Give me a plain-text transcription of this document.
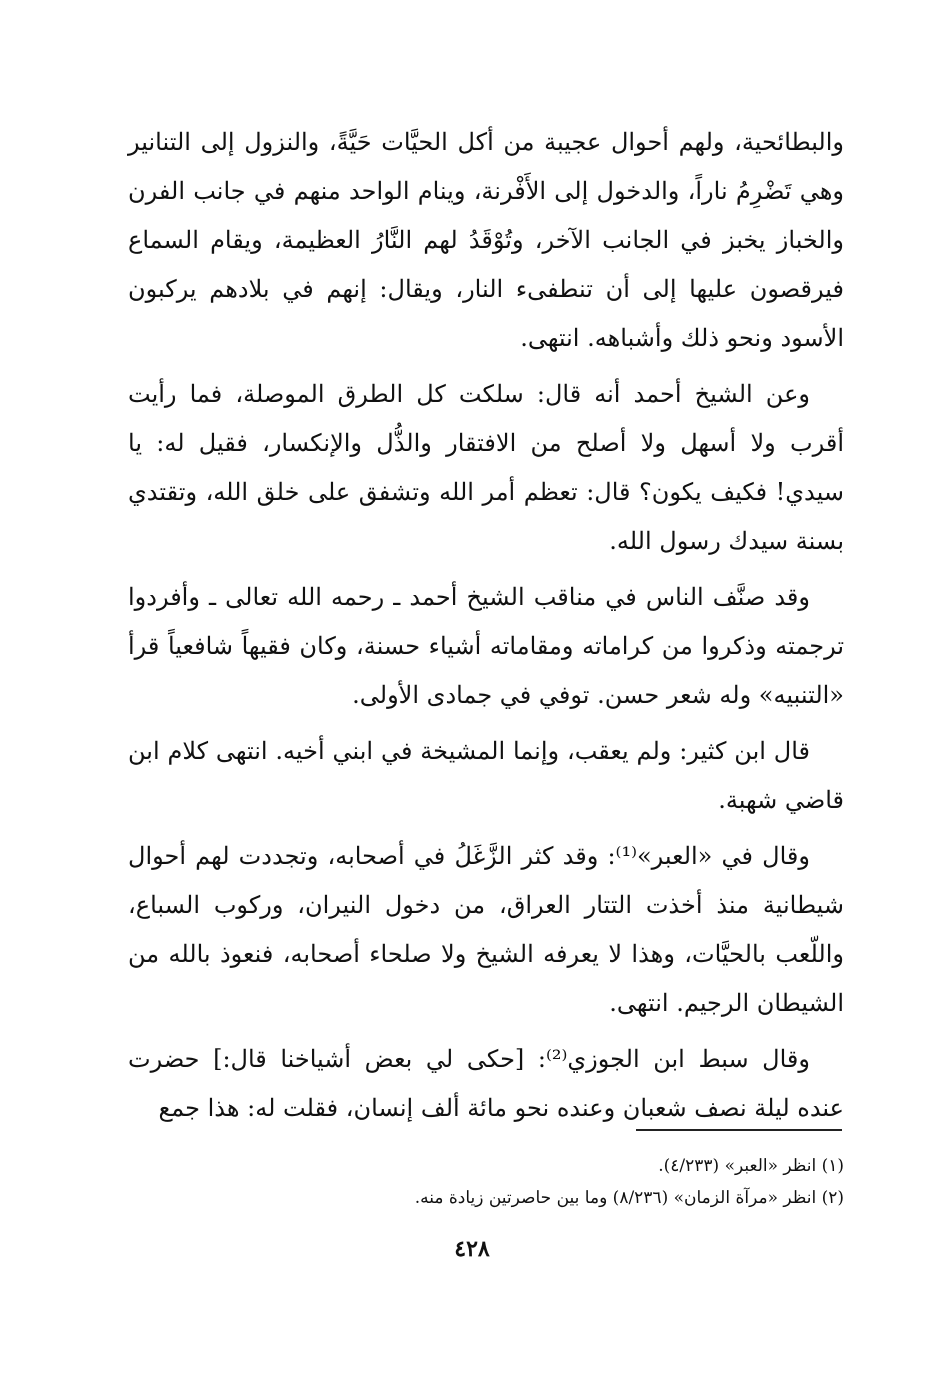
والبطائحية، ولهم أحوال عجيبة من أكل الحيَّات حَيَّةً، والنزول إلى التنانير وهي تَضْرِمُ ناراً، والدخول إلى الأَفْرنة، وينام الواحد منهم في جانب الفرن والخباز يخبز في الجانب الآخر، وتُوْقَدُ لهم النَّارُ العظيمة، ويقام السماع فيرقصون عليها إلى أن تنطفىء النار، ويقال: إنهم في بلادهم يركبون الأسود ونحو ذلك وأشباهه. انتهى.

وعن الشيخ أحمد أنه قال: سلكت كل الطرق الموصلة، فما رأيت أقرب ولا أسهل ولا أصلح من الافتقار والذُّل والإنكسار، فقيل له: يا سيدي! فكيف يكون؟ قال: تعظم أمر الله وتشفق على خلق الله، وتقتدي بسنة سيدك رسول الله.

وقد صنَّف الناس في مناقب الشيخ أحمد ـ رحمه الله تعالى ـ وأفردوا ترجمته وذكروا من كراماته ومقاماته أشياء حسنة، وكان فقيهاً شافعياً قرأ «التنبيه» وله شعر حسن. توفي في جمادى الأولى.

قال ابن كثير: ولم يعقب، وإنما المشيخة في ابني أخيه. انتهى كلام ابن قاضي شهبة.

وقال في «العبر»⁽¹⁾: وقد كثر الزَّغَلُ في أصحابه، وتجددت لهم أحوال شيطانية منذ أخذت التتار العراق، من دخول النيران، وركوب السباع، واللّعب بالحيَّات، وهذا لا يعرفه الشيخ ولا صلحاء أصحابه، فنعوذ بالله من الشيطان الرجيم. انتهى.

وقال سبط ابن الجوزي⁽²⁾: [حكى لي بعض أشياخنا قال:] حضرت عنده ليلة نصف شعبان وعنده نحو مائة ألف إنسان، فقلت له: هذا جمع

(١) انظر «العبر» (٤/٢٣٣).

(٢) انظر «مرآة الزمان» (٨/٢٣٦) وما بين حاصرتين زيادة منه.

٤٢٨
